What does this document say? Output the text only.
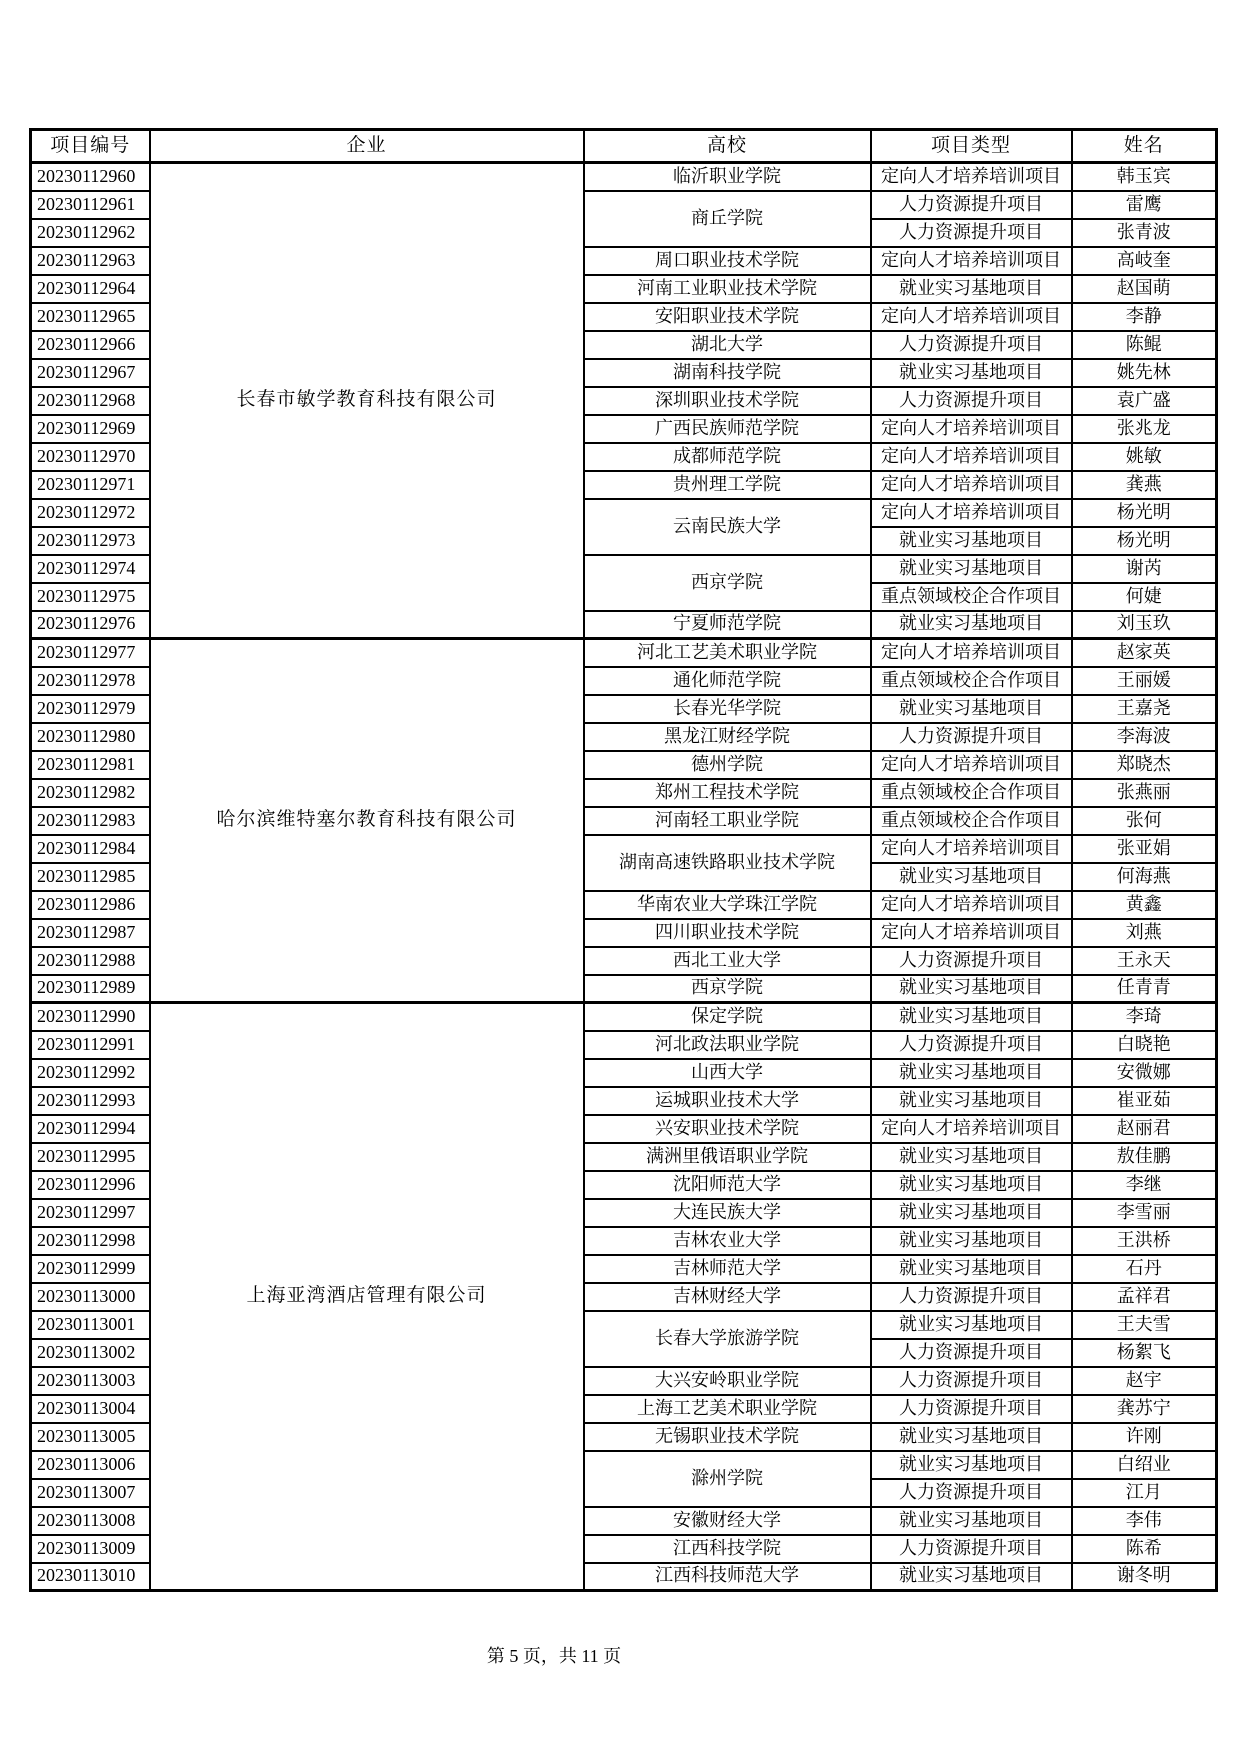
项目编号	企业	高校	项目类型	姓名
20230112960	长春市敏学教育科技有限公司	临沂职业学院	定向人才培养培训项目	韩玉宾
20230112961		商丘学院	人力资源提升项目	雷鹰
20230112962			人力资源提升项目	张青波
20230112963		周口职业技术学院	定向人才培养培训项目	高岐奎
20230112964		河南工业职业技术学院	就业实习基地项目	赵国萌
20230112965		安阳职业技术学院	定向人才培养培训项目	李静
20230112966		湖北大学	人力资源提升项目	陈鲲
20230112967		湖南科技学院	就业实习基地项目	姚先林
20230112968		深圳职业技术学院	人力资源提升项目	袁广盛
20230112969		广西民族师范学院	定向人才培养培训项目	张兆龙
20230112970		成都师范学院	定向人才培养培训项目	姚敏
20230112971		贵州理工学院	定向人才培养培训项目	龚燕
20230112972		云南民族大学	定向人才培养培训项目	杨光明
20230112973			就业实习基地项目	杨光明
20230112974		西京学院	就业实习基地项目	谢芮
20230112975			重点领域校企合作项目	何婕
20230112976		宁夏师范学院	就业实习基地项目	刘玉玖
20230112977	哈尔滨维特塞尔教育科技有限公司	河北工艺美术职业学院	定向人才培养培训项目	赵家英
20230112978		通化师范学院	重点领域校企合作项目	王丽媛
20230112979		长春光华学院	就业实习基地项目	王嘉尧
20230112980		黑龙江财经学院	人力资源提升项目	李海波
20230112981		德州学院	定向人才培养培训项目	郑晓杰
20230112982		郑州工程技术学院	重点领域校企合作项目	张燕丽
20230112983		河南轻工职业学院	重点领域校企合作项目	张何
20230112984		湖南高速铁路职业技术学院	定向人才培养培训项目	张亚娟
20230112985			就业实习基地项目	何海燕
20230112986		华南农业大学珠江学院	定向人才培养培训项目	黄鑫
20230112987		四川职业技术学院	定向人才培养培训项目	刘燕
20230112988		西北工业大学	人力资源提升项目	王永天
20230112989		西京学院	就业实习基地项目	任青青
20230112990	上海亚湾酒店管理有限公司	保定学院	就业实习基地项目	李琦
20230112991		河北政法职业学院	人力资源提升项目	白晓艳
20230112992		山西大学	就业实习基地项目	安微娜
20230112993		运城职业技术大学	就业实习基地项目	崔亚茹
20230112994		兴安职业技术学院	定向人才培养培训项目	赵丽君
20230112995		满洲里俄语职业学院	就业实习基地项目	敖佳鹏
20230112996		沈阳师范大学	就业实习基地项目	李继
20230112997		大连民族大学	就业实习基地项目	李雪丽
20230112998		吉林农业大学	就业实习基地项目	王洪桥
20230112999		吉林师范大学	就业实习基地项目	石丹
20230113000		吉林财经大学	人力资源提升项目	孟祥君
20230113001		长春大学旅游学院	就业实习基地项目	王夫雪
20230113002			人力资源提升项目	杨絮飞
20230113003		大兴安岭职业学院	人力资源提升项目	赵宇
20230113004		上海工艺美术职业学院	人力资源提升项目	龚苏宁
20230113005		无锡职业技术学院	就业实习基地项目	许刚
20230113006		滁州学院	就业实习基地项目	白绍业
20230113007			人力资源提升项目	江月
20230113008		安徽财经大学	就业实习基地项目	李伟
20230113009		江西科技学院	人力资源提升项目	陈希
20230113010		江西科技师范大学	就业实习基地项目	谢冬明
第 5 页，共 11 页
